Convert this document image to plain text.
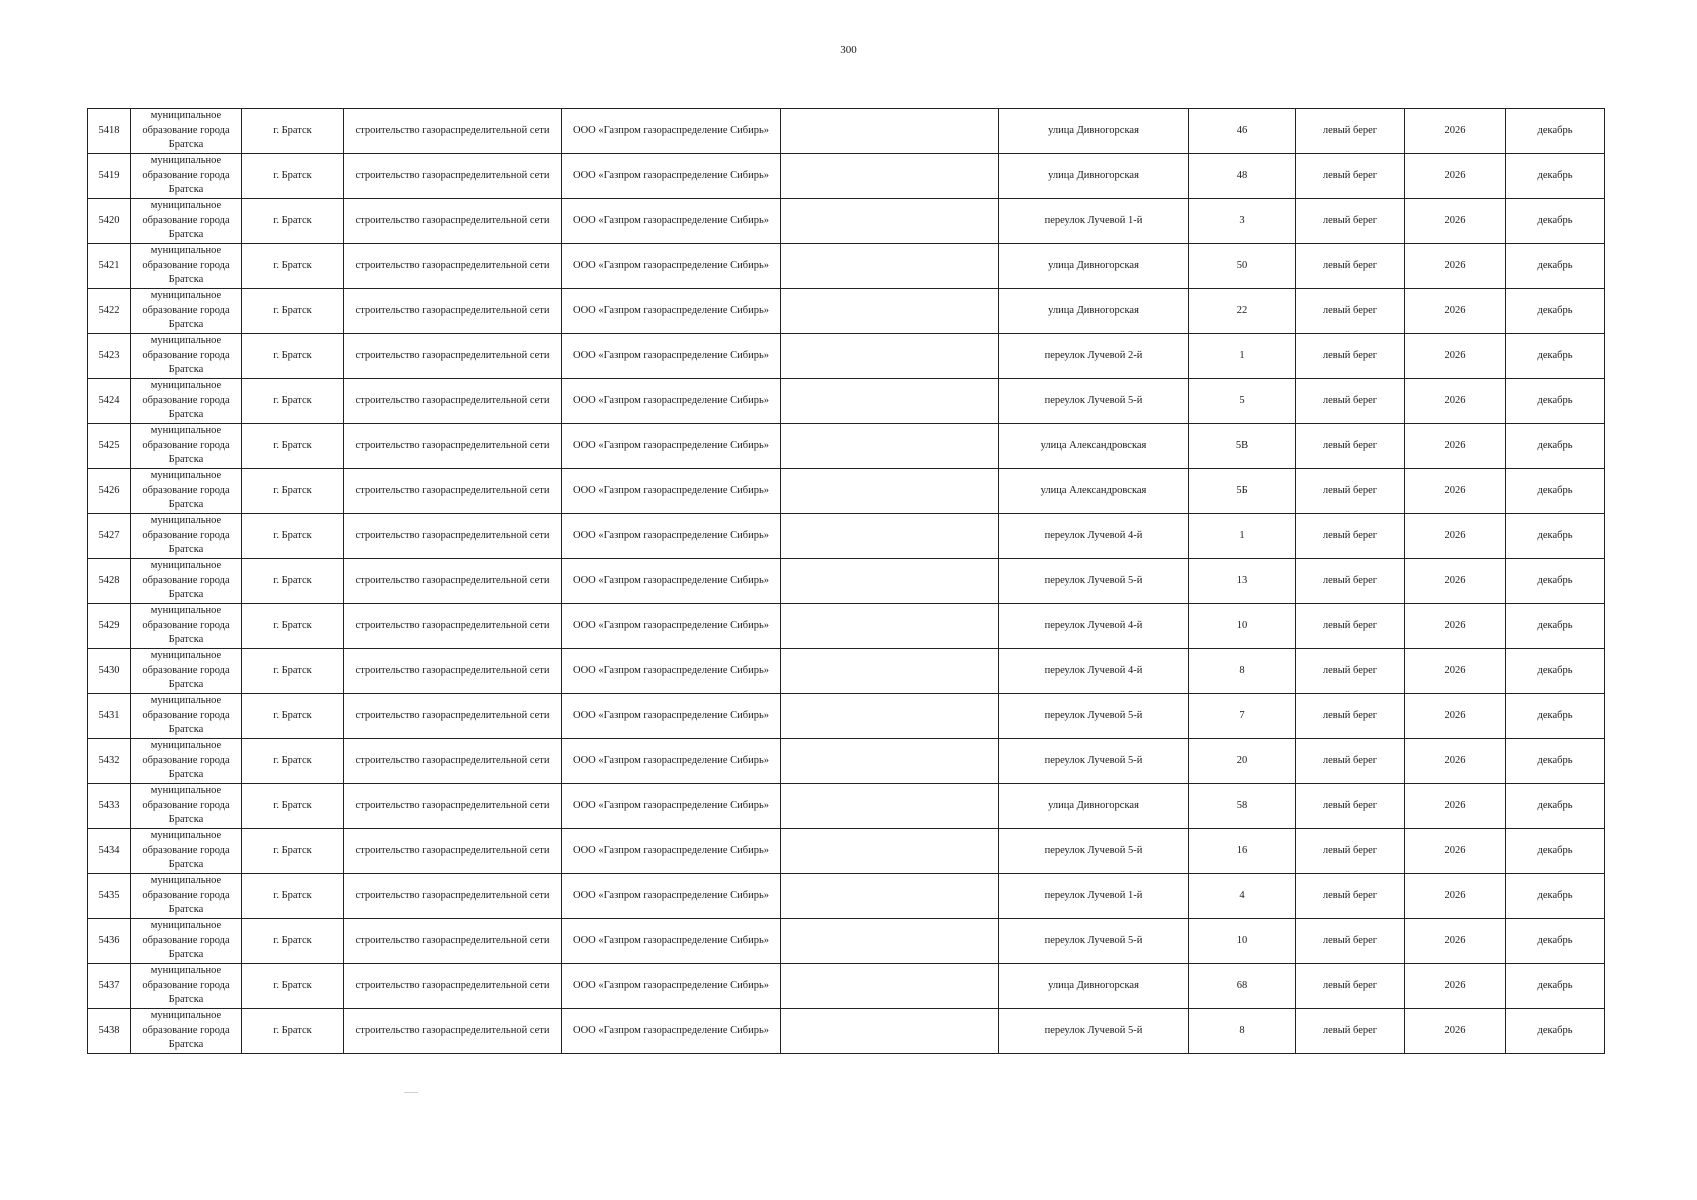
300
5418	муниципальное образование города Братска	г. Братск	строительство газораспределительной сети	ООО «Газпром газораспределение Сибирь»		улица Дивногорская	46	левый берег	2026	декабрь
5419	муниципальное образование города Братска	г. Братск	строительство газораспределительной сети	ООО «Газпром газораспределение Сибирь»		улица Дивногорская	48	левый берег	2026	декабрь
5420	муниципальное образование города Братска	г. Братск	строительство газораспределительной сети	ООО «Газпром газораспределение Сибирь»		переулок Лучевой 1-й	3	левый берег	2026	декабрь
5421	муниципальное образование города Братска	г. Братск	строительство газораспределительной сети	ООО «Газпром газораспределение Сибирь»		улица Дивногорская	50	левый берег	2026	декабрь
5422	муниципальное образование города Братска	г. Братск	строительство газораспределительной сети	ООО «Газпром газораспределение Сибирь»		улица Дивногорская	22	левый берег	2026	декабрь
5423	муниципальное образование города Братска	г. Братск	строительство газораспределительной сети	ООО «Газпром газораспределение Сибирь»		переулок Лучевой 2-й	1	левый берег	2026	декабрь
5424	муниципальное образование города Братска	г. Братск	строительство газораспределительной сети	ООО «Газпром газораспределение Сибирь»		переулок Лучевой 5-й	5	левый берег	2026	декабрь
5425	муниципальное образование города Братска	г. Братск	строительство газораспределительной сети	ООО «Газпром газораспределение Сибирь»		улица Александровская	5В	левый берег	2026	декабрь
5426	муниципальное образование города Братска	г. Братск	строительство газораспределительной сети	ООО «Газпром газораспределение Сибирь»		улица Александровская	5Б	левый берег	2026	декабрь
5427	муниципальное образование города Братска	г. Братск	строительство газораспределительной сети	ООО «Газпром газораспределение Сибирь»		переулок Лучевой 4-й	1	левый берег	2026	декабрь
5428	муниципальное образование города Братска	г. Братск	строительство газораспределительной сети	ООО «Газпром газораспределение Сибирь»		переулок Лучевой 5-й	13	левый берег	2026	декабрь
5429	муниципальное образование города Братска	г. Братск	строительство газораспределительной сети	ООО «Газпром газораспределение Сибирь»		переулок Лучевой 4-й	10	левый берег	2026	декабрь
5430	муниципальное образование города Братска	г. Братск	строительство газораспределительной сети	ООО «Газпром газораспределение Сибирь»		переулок Лучевой 4-й	8	левый берег	2026	декабрь
5431	муниципальное образование города Братска	г. Братск	строительство газораспределительной сети	ООО «Газпром газораспределение Сибирь»		переулок Лучевой 5-й	7	левый берег	2026	декабрь
5432	муниципальное образование города Братска	г. Братск	строительство газораспределительной сети	ООО «Газпром газораспределение Сибирь»		переулок Лучевой 5-й	20	левый берег	2026	декабрь
5433	муниципальное образование города Братска	г. Братск	строительство газораспределительной сети	ООО «Газпром газораспределение Сибирь»		улица Дивногорская	58	левый берег	2026	декабрь
5434	муниципальное образование города Братска	г. Братск	строительство газораспределительной сети	ООО «Газпром газораспределение Сибирь»		переулок Лучевой 5-й	16	левый берег	2026	декабрь
5435	муниципальное образование города Братска	г. Братск	строительство газораспределительной сети	ООО «Газпром газораспределение Сибирь»		переулок Лучевой 1-й	4	левый берег	2026	декабрь
5436	муниципальное образование города Братска	г. Братск	строительство газораспределительной сети	ООО «Газпром газораспределение Сибирь»		переулок Лучевой 5-й	10	левый берег	2026	декабрь
5437	муниципальное образование города Братска	г. Братск	строительство газораспределительной сети	ООО «Газпром газораспределение Сибирь»		улица Дивногорская	68	левый берег	2026	декабрь
5438	муниципальное образование города Братска	г. Братск	строительство газораспределительной сети	ООО «Газпром газораспределение Сибирь»		переулок Лучевой 5-й	8	левый берег	2026	декабрь
